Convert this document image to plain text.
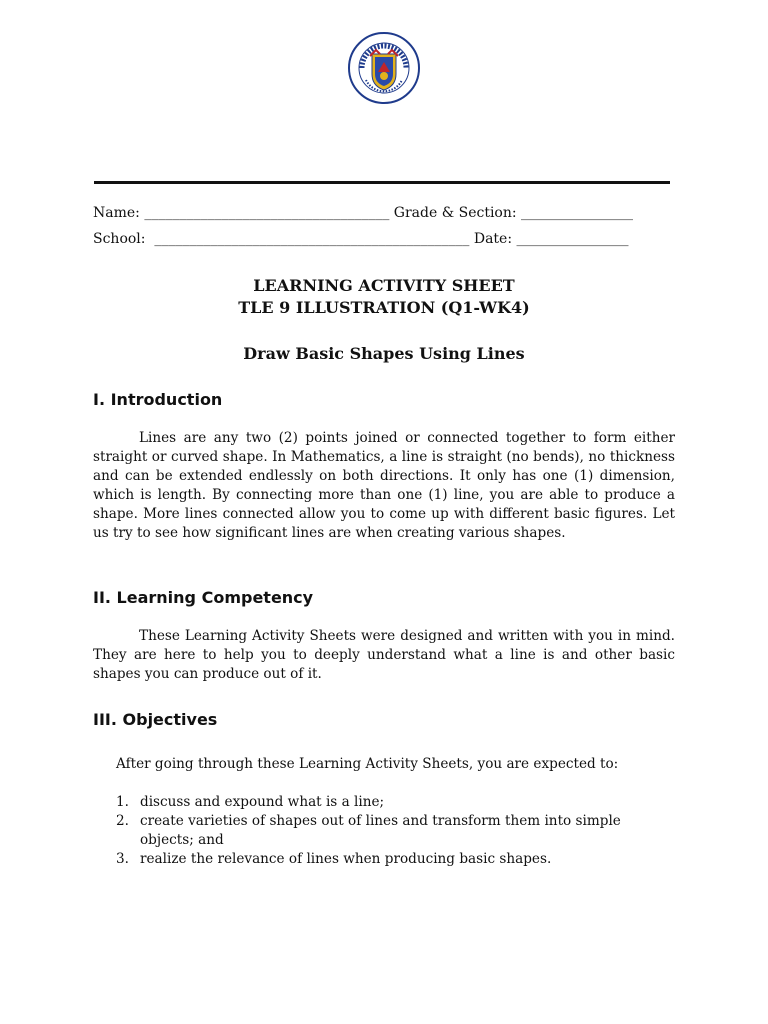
Name: ___________________________________ Grade & Section: ________________
School:  _____________________________________________ Date: ________________
LEARNING ACTIVITY SHEET
TLE 9 ILLUSTRATION (Q1-WK4)
Draw Basic Shapes Using Lines
I. Introduction
Lines are any two (2) points joined or connected together to form either straight or curved shape. In Mathematics, a line is straight (no bends), no thickness and can be extended endlessly on both directions. It only has one (1) dimension, which is length. By connecting more than one (1) line, you are able to produce a shape. More lines connected allow you to come up with different basic figures. Let us try to see how significant lines are when creating various shapes.
II. Learning Competency
These Learning Activity Sheets were designed and written with you in mind. They are here to help you to deeply understand what a line is and other basic shapes you can produce out of it.
III. Objectives
After going through these Learning Activity Sheets, you are expected to:
1. discuss and expound what is a line;
2. create varieties of shapes out of lines and transform them into simple objects; and
3. realize the relevance of lines when producing basic shapes.
